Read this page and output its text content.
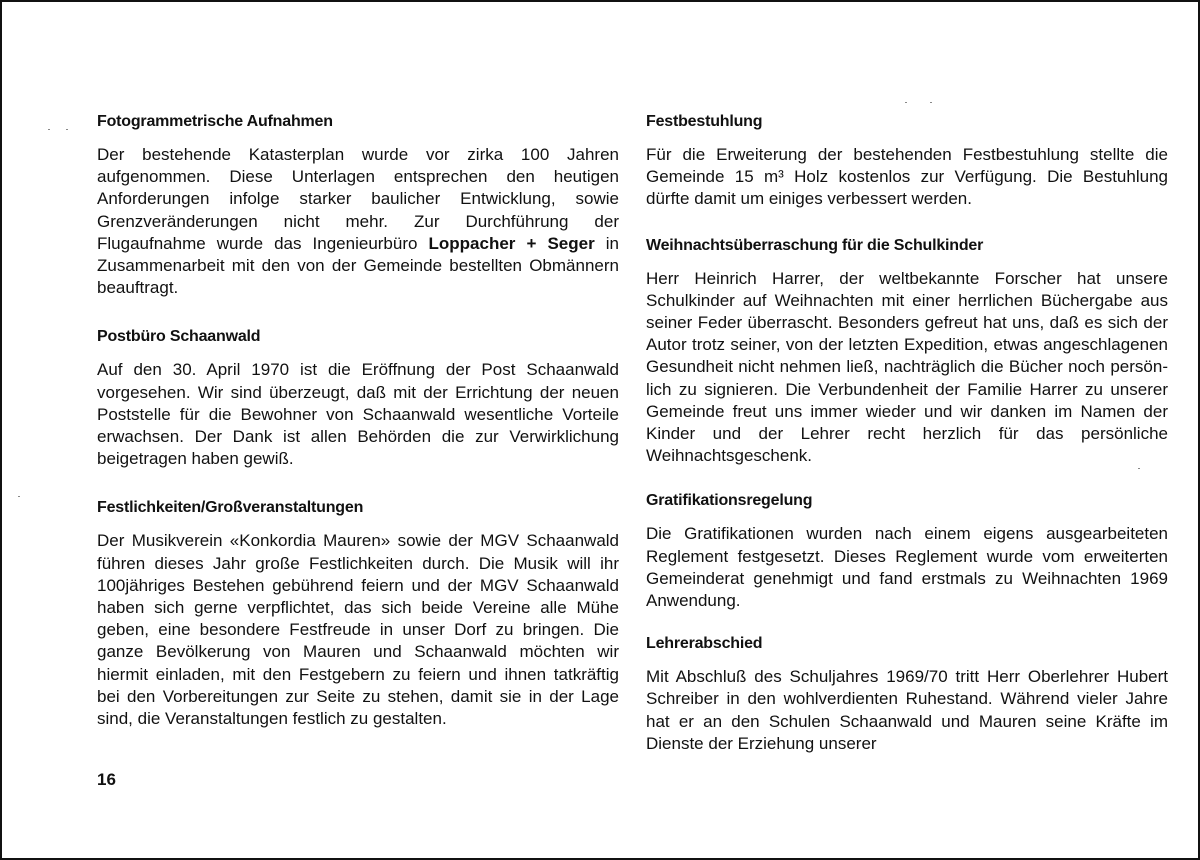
Fotogrammetrische Aufnahmen

Der bestehende Katasterplan wurde vor zirka 100 Jahren aufgenommen. Diese Unterlagen entsprechen den heutigen Anforderungen infolge starker baulicher Entwicklung, sowie Grenzveränderungen nicht mehr. Zur Durchführung der Flugaufnahme wurde das Ingenieurbüro Loppacher + Seger in Zusammenarbeit mit den von der Gemeinde bestellten Obmännern beauftragt.

Postbüro Schaanwald

Auf den 30. April 1970 ist die Eröffnung der Post Schaanwald vorgesehen. Wir sind überzeugt, daß mit der Errichtung der neuen Poststelle für die Bewohner von Schaanwald wesentliche Vorteile erwachsen. Der Dank ist allen Behörden die zur Verwirklichung beigetragen haben gewiß.

Festlichkeiten/Großveranstaltungen

Der Musikverein «Konkordia Mauren» sowie der MGV Schaanwald führen dieses Jahr große Festlichkeiten durch. Die Musik will ihr 100jähriges Bestehen gebührend feiern und der MGV Schaanwald haben sich gerne verpflichtet, das sich beide Vereine alle Mühe geben, eine besondere Festfreude in unser Dorf zu bringen. Die ganze Bevölkerung von Mauren und Schaanwald möchten wir hiermit einladen, mit den Festgebern zu feiern und ihnen tatkräftig bei den Vorbereitungen zur Seite zu stehen, damit sie in der Lage sind, die Veranstaltungen festlich zu gestalten.

Festbestuhlung

Für die Erweiterung der bestehenden Festbestuhlung stellte die Gemeinde 15 m³ Holz kostenlos zur Verfügung. Die Bestuhlung dürfte damit um einiges verbessert werden.

Weihnachtsüberraschung für die Schulkinder

Herr Heinrich Harrer, der weltbekannte Forscher hat unsere Schulkinder auf Weihnachten mit einer herrlichen Büchergabe aus seiner Feder überrascht. Besonders gefreut hat uns, daß es sich der Autor trotz seiner, von der letzten Expedition, etwas angeschlagenen Gesundheit nicht nehmen ließ, nachträglich die Bücher noch persönlich zu signieren. Die Verbundenheit der Familie Harrer zu unserer Gemeinde freut uns immer wieder und wir danken im Namen der Kinder und der Lehrer recht herzlich für das persönliche Weihnachtsgeschenk.

Gratifikationsregelung

Die Gratifikationen wurden nach einem eigens ausgearbeiteten Reglement festgesetzt. Dieses Reglement wurde vom erweiterten Gemeinderat genehmigt und fand erstmals zu Weihnachten 1969 Anwendung.

Lehrerabschied

Mit Abschluß des Schuljahres 1969/70 tritt Herr Oberlehrer Hubert Schreiber in den wohlverdienten Ruhestand. Während vieler Jahre hat er an den Schulen Schaanwald und Mauren seine Kräfte im Dienste der Erziehung unserer

16
